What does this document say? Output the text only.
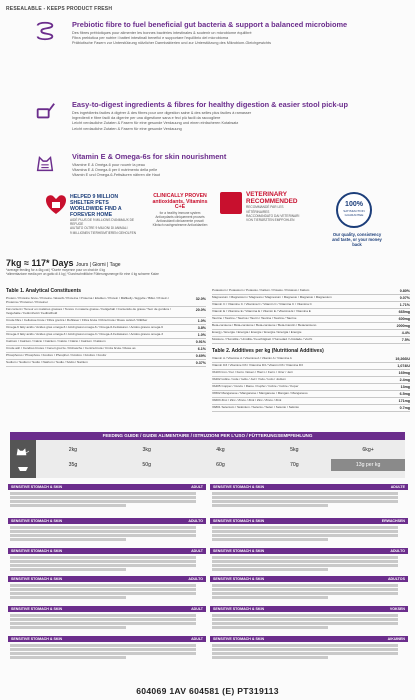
RESEALABLE - KEEPS PRODUCT FRESH
Prebiotic fibre to fuel beneficial gut bacteria & support a balanced microbiome
Des fibres prébiotiques pour alimenter les bonnes bactéries intestinales & soutenir un microbiome équilibré
Fibra prebiotica per nutrire i batteri intestinali benefici e supportare l'equilibrio del microbioma
Präbiotische Fasern zur Unterstützung nützlicher Darmbakterien und zur Unterstützung des Mikrobiom-Gleichgewichts
Easy-to-digest ingredients & fibres for healthy digestion & easier stool pick-up
Des ingrédients faciles à digérer & des fibres pour une digestion saine & des selles plus faciles à ramasser
Ingredienti e fibre facili da digerire per una digestione sana e feci più facili da raccogliere
Leicht verdauliche Zutaten & Fasern für eine gesunde Verdauung und einen einfacheren Kotabsatz
Leicht verdauliche Zutaten & Fasern für eine gesunde Verdauung
Vitamin E & Omega-6s for skin nourishment
Vitamine E & Oméga-6 pour nourrir la peau
Vitamina E & Omega-6 per il nutrimento della pelle
Vitamin E und Omega-6-Fettsäuren nähren die Haut
HELPED 9 MILLION SHELTER PETS WORLDWIDE FIND A FOREVER HOME
AIDÉ PLUS DE 9 MILLIONS D'ANIMAUX DE REFUGE
AIUTATO OLTRE 9 MILIONI DI ANIMALI
9 MILLIONEN TIERHEIMTIEREN GEHOLFEN
CLINICALLY PROVEN antioxidants, Vitamins C+E
for a healthy immune system
Antioxydants cliniquement prouvés
Antiossidanti clinicamente provati
Klinisch nachgewiesene Antioxidantien
VETERINARY RECOMMENDED
RECOMMANDÉ PAR LES VÉTÉRINAIRES
RACCOMANDATO DAI VETERINARI
VON TIERÄRZTEN EMPFOHLEN
100%
SATISFACTION GUARANTEE
Our quality, consistency and taste, or your money back
7kg ≈ 117* Days Jours | Giorni | Tage
*average feeding for a 4kg cat | *Durée moyenne pour un chat de 4 kg
*alimentazione media per un gatto di 4 kg | *Durchschnittliche Fütterungsmenge für eine 4 kg schwere Katze
Table 1. Analytical Constituents
Protein / Protéine brute / Proteine / Eiweiß / Proteína / Proteína / Eiwitten / Protein / Mäfikelly / Eggvite / Bilkó / Protein / Proteína / Proteiner / Proteiner
32.0%
Fat content / Teneur en matières grasses / Tenore in materie grasse / Fettgehalt / Contenido de grasa / Teor de gordura / Vetgehalte / Fettinnhold / Fedtindhold
20.0%
Crude fibre / Cellulose brute / Fibra grezza / Rohfaser / Fibra bruta / Fibra bruta / Ruwe celstof / Råfiber	1.0%
Omega-6 fatty acids / Acides gras oméga-6 / Acidi grassi omega-6 / Omega-6-Fettsäuren / Ácidos grasos omega-6	3.8%
Omega-3 fatty acids / Acides gras oméga-3 / Acidi grassi omega-3 / Omega-3-Fettsäuren / Ácidos grasos omega-3	1.0%
Calcium / Calcium / Calcio / Calcium / Calcio / Cálcio / Calcium / Kalsium	0.91%
Crude ash / Cendres brutes / Ceneri grezze / Rohasche / Ceniza bruta / Cinza bruta / Ruwe as	6.1%
Phosphorus / Phosphore / Fosforo / Phosphor / Fósforo / Fósforo / Fosfor	0.69%
Sodium / Sodium / Sodio / Natrium / Sodio / Sódio / Natrium	0.37%
Potassium / Potassium / Potassio / Kalium / Potasio / Potássio / Kalium	0.80%
Magnesium / Magnésium / Magnesio / Magnesium / Magnesio / Magnésio / Magnesium	0.07%
Vitamin C / Vitamine C / Vitamina C / Vitamin C / Vitamina C / Vitamina C	1.71%
Vitamin E / Vitamine E / Vitamina E / Vitamin E / Vitamina E / Vitamina E	665mg
Taurine / Taurine / Taurina / Taurin / Taurina / Taurina / Taurine	600mg
Beta-carotene / Bêta-carotène / Beta-carotene / Beta-Carotin / Betacaroteno	2000mg
Energy / Énergie / Energia / Energie / Energía / Energia / Energie	4.4%
Moisture / Humidité / Umidità / Feuchtigkeit / Humedad / Umidade / Vocht	7.5%
Table 2. Additives per kg (Nutritional Additives)
Vitamin A / Vitamine A / Vitamina A / Vitamin A / Vitamina A	19,266IU
Vitamin D3 / Vitamine D3 / Vitamina D3 / Vitamin D3 / Vitamina D3	1,074IU
3b103 Iron / Fer / Ferro / Eisen / Hierro / Ferro / IJzer / Jern	169mg
3b202 Iodine / Iode / Iodio / Jod / Yodo / Iodo / Jodium	2.4mg
3b405 Copper / Cuivre / Rame / Kupfer / Cobre / Cobre / Koper	13mg
3b502 Manganese / Manganèse / Manganese / Mangan / Manganeso	6.5mg
3b603 Zinc / Zinc / Zinco / Zink / Zinc / Zinco / Zink	171mg
3b801 Selenium / Sélénium / Selenio / Selen / Selenio / Selênio	0.7mg
FEEDING GUIDE / GUIDE ALIMENTAIRE / ISTRUZIONI PER L'USO / FÜTTERUNGSEMPFEHLUNG
2kg	3kg	4kg	5kg	6kg+
35g	50g	60g	70g	13g per kg
SENSITIVE STOMACH & SKIN	ADULT	SENSITIVE STOMACH & SKIN	ADULTE
SENSITIVE STOMACH & SKIN	ADULTO	SENSITIVE STOMACH & SKIN	ERWACHSEN
SENSITIVE STOMACH & SKIN	ADULT	SENSITIVE STOMACH & SKIN	ADULTO
SENSITIVE STOMACH & SKIN	ADULTO	SENSITIVE STOMACH & SKIN	ADULTOS
SENSITIVE STOMACH & SKIN	ADULT	SENSITIVE STOMACH & SKIN	VOKSEN
SENSITIVE STOMACH & SKIN	ADULT	SENSITIVE STOMACH & SKIN	AIKUINEN
604069 1AV 604581 (E) PT319113
